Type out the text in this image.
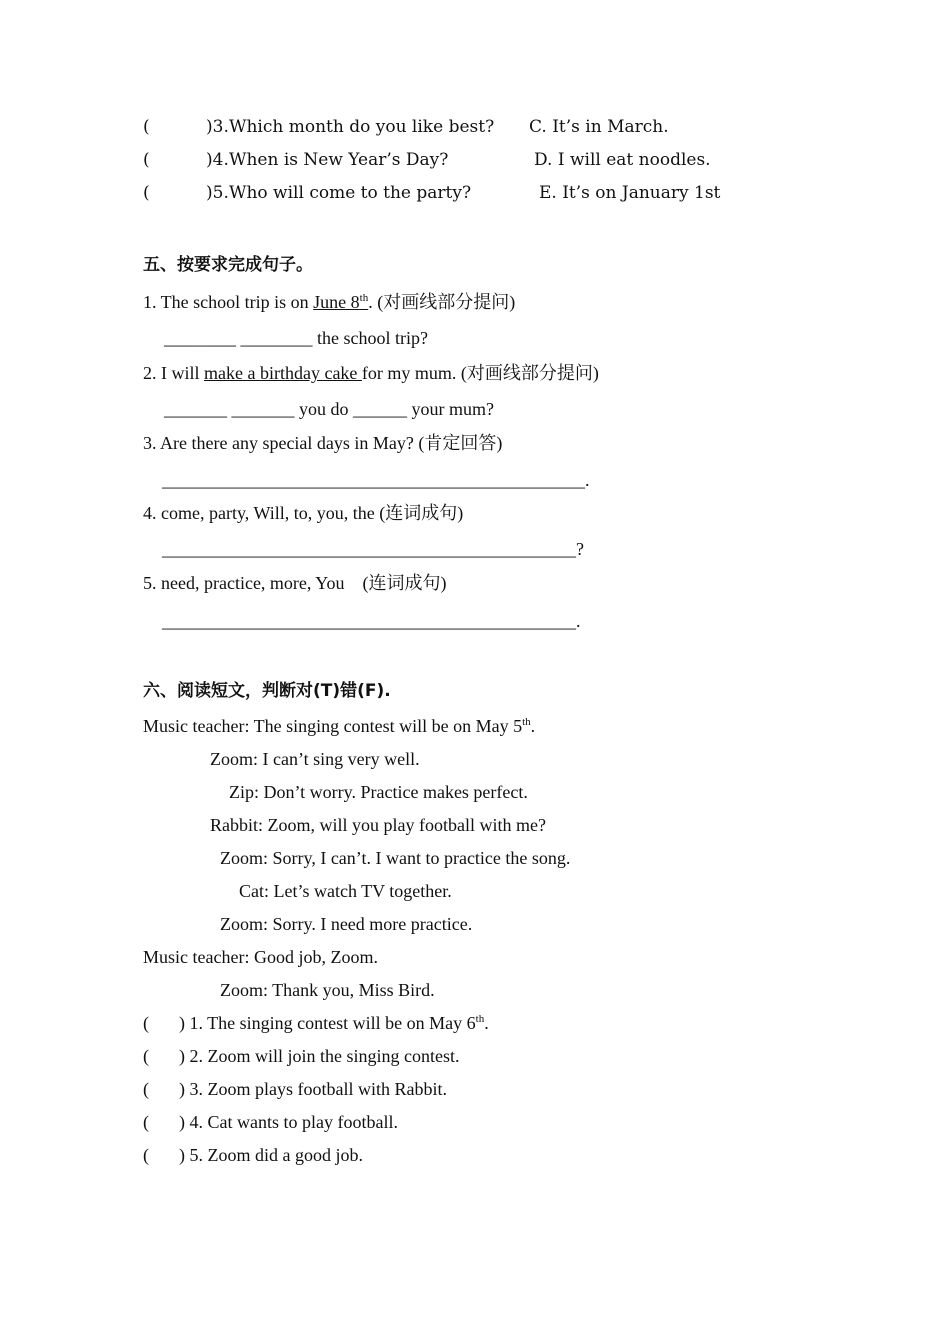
(	)3. Which month do you like best? C. It’s in March.
(	)4. When is New Year’s Day?	D. I will eat noodles.
(	)5. Who will come to the party?	E. It’s on January 1st
五、按要求完成句子。
1. The school trip is on June 8th. (对画线部分提问)
________ ________ the school trip?
2. I will make a birthday cake for my mum. (对画线部分提问)
_______ _______ you do ______ your mum?
3. Are there any special days in May? (肯定回答)
_______________________________________________.
4. come, party, Will, to, you, the (连词成句)
______________________________________________?
5. need, practice, more, You    (连词成句)
______________________________________________.
六、阅读短文，判断对(T)错(F).
Music teacher: The singing contest will be on May 5th.
Zoom: I can’t sing very well.
Zip: Don’t worry. Practice makes perfect.
Rabbit: Zoom, will you play football with me?
Zoom: Sorry, I can’t. I want to practice the song.
Cat: Let’s watch TV together.
Zoom: Sorry. I need more practice.
Music teacher: Good job, Zoom.
Zoom: Thank you, Miss Bird.
( ) 1. The singing contest will be on May 6th.
( ) 2. Zoom will join the singing contest.
( ) 3. Zoom plays football with Rabbit.
( ) 4. Cat wants to play football.
( ) 5. Zoom did a good job.
